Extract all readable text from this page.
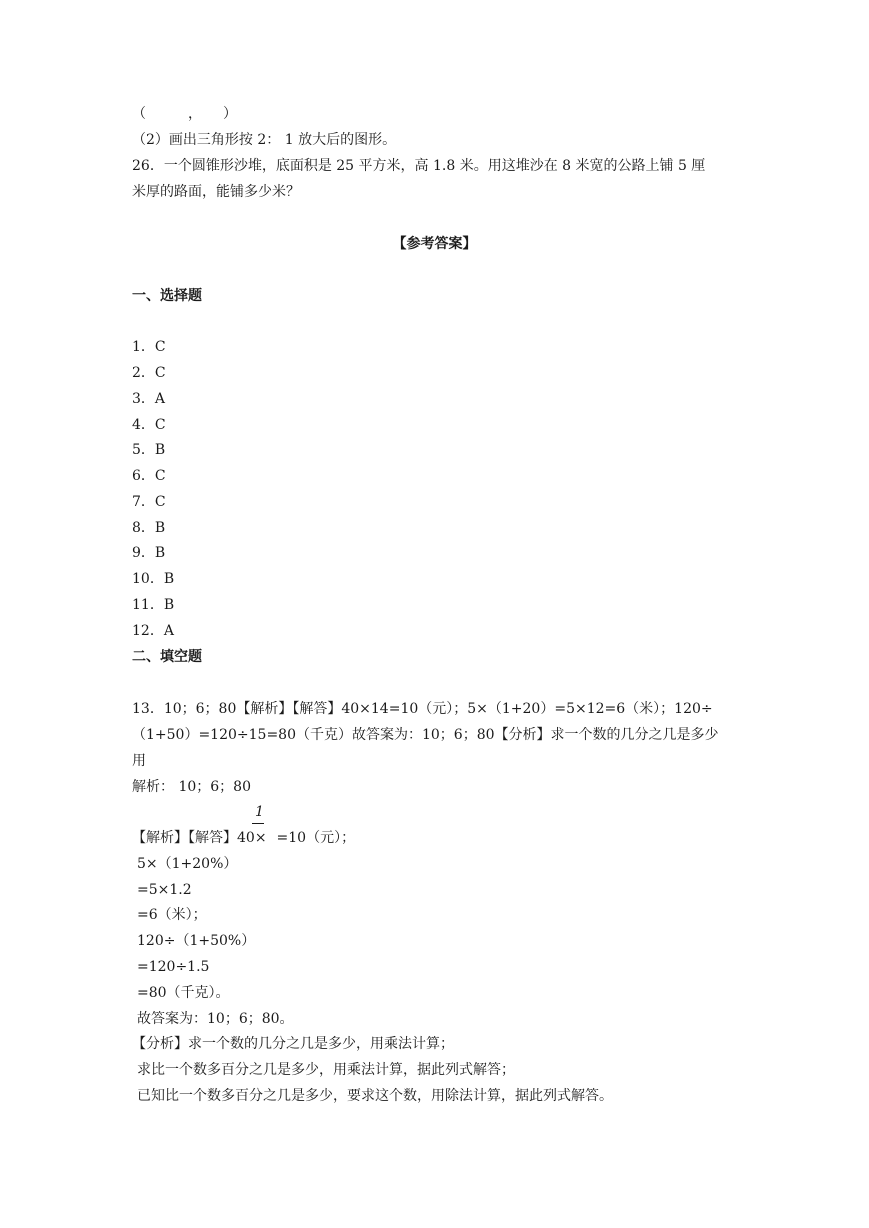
（　　　，　　）
（2）画出三角形按 2： 1 放大后的图形。
26．一个圆锥形沙堆，底面积是 25 平方米，高 1.8 米。用这堆沙在 8 米宽的公路上铺 5 厘
米厚的路面，能铺多少米？
【参考答案】
一、选择题
1．C
2．C
3．A
4．C
5．B
6．C
7．C
8．B
9．B
10．B
11．B
12．A
二、填空题
13．10；6；80【解析】【解答】40×14=10（元）；5×（1+20）=5×12=6（米）；120÷
（1+50）=120÷15=80（千克）故答案为：10；6；80【分析】求一个数的几分之几是多少
用
解析： 10；6；80
1
【解析】【解答】40× =10（元）；
5×（1+20%）
=5×1.2
=6（米）；
120÷（1+50%）
=120÷1.5
=80（千克）。
故答案为：10；6；80。
【分析】求一个数的几分之几是多少，用乘法计算；
求比一个数多百分之几是多少，用乘法计算，据此列式解答；
已知比一个数多百分之几是多少，要求这个数，用除法计算，据此列式解答。
